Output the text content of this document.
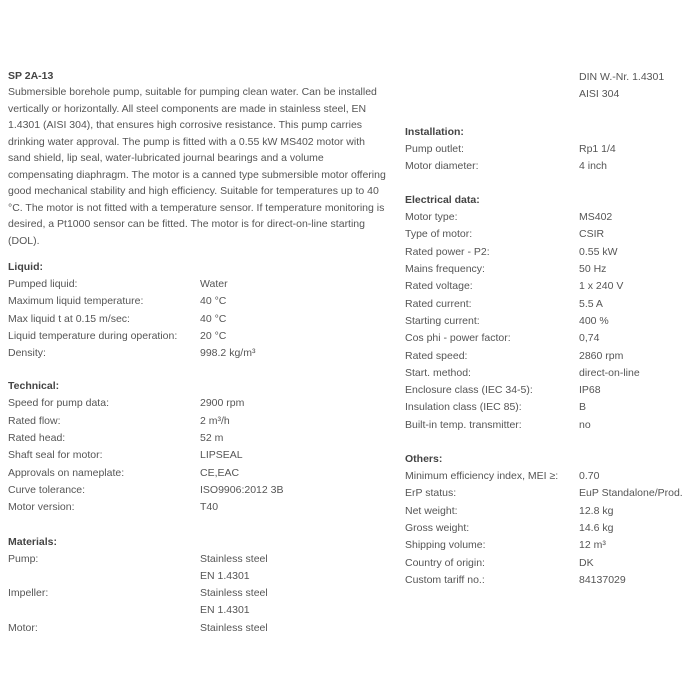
SP 2A-13
Submersible borehole pump, suitable for pumping clean water. Can be installed vertically or horizontally. All steel components are made in stainless steel, EN 1.4301 (AISI 304), that ensures high corrosive resistance. This pump carries drinking water approval. The pump is fitted with a 0.55 kW MS402 motor with sand shield, lip seal, water-lubricated journal bearings and a volume compensating diaphragm. The motor is a canned type submersible motor offering good mechanical stability and high efficiency. Suitable for temperatures up to 40 °C. The motor is not fitted with a temperature sensor. If temperature monitoring is desired, a Pt1000 sensor can be fitted. The motor is for direct-on-line starting (DOL).
Liquid:
Pumped liquid:	Water
Maximum liquid temperature:	40 °C
Max liquid t at 0.15 m/sec:	40 °C
Liquid temperature during operation:	20 °C
Density:	998.2 kg/m³
Technical:
Speed for pump data:	2900 rpm
Rated flow:	2 m³/h
Rated head:	52 m
Shaft seal for motor:	LIPSEAL
Approvals on nameplate:	CE,EAC
Curve tolerance:	ISO9906:2012 3B
Motor version:	T40
Materials:
Pump:	Stainless steel
EN 1.4301
Impeller:	Stainless steel
EN 1.4301
Motor:	Stainless steel
DIN W.-Nr. 1.4301
AISI 304
Installation:
Pump outlet:	Rp1 1/4
Motor diameter:	4 inch
Electrical data:
Motor type:	MS402
Type of motor:	CSIR
Rated power - P2:	0.55 kW
Mains frequency:	50 Hz
Rated voltage:	1 x 240 V
Rated current:	5.5 A
Starting current:	400 %
Cos phi - power factor:	0,74
Rated speed:	2860 rpm
Start. method:	direct-on-line
Enclosure class (IEC 34-5):	IP68
Insulation class (IEC 85):	B
Built-in temp. transmitter:	no
Others:
Minimum efficiency index, MEI ≥:	0.70
ErP status:	EuP Standalone/Prod.
Net weight:	12.8 kg
Gross weight:	14.6 kg
Shipping volume:	12 m³
Country of origin:	DK
Custom tariff no.:	84137029
